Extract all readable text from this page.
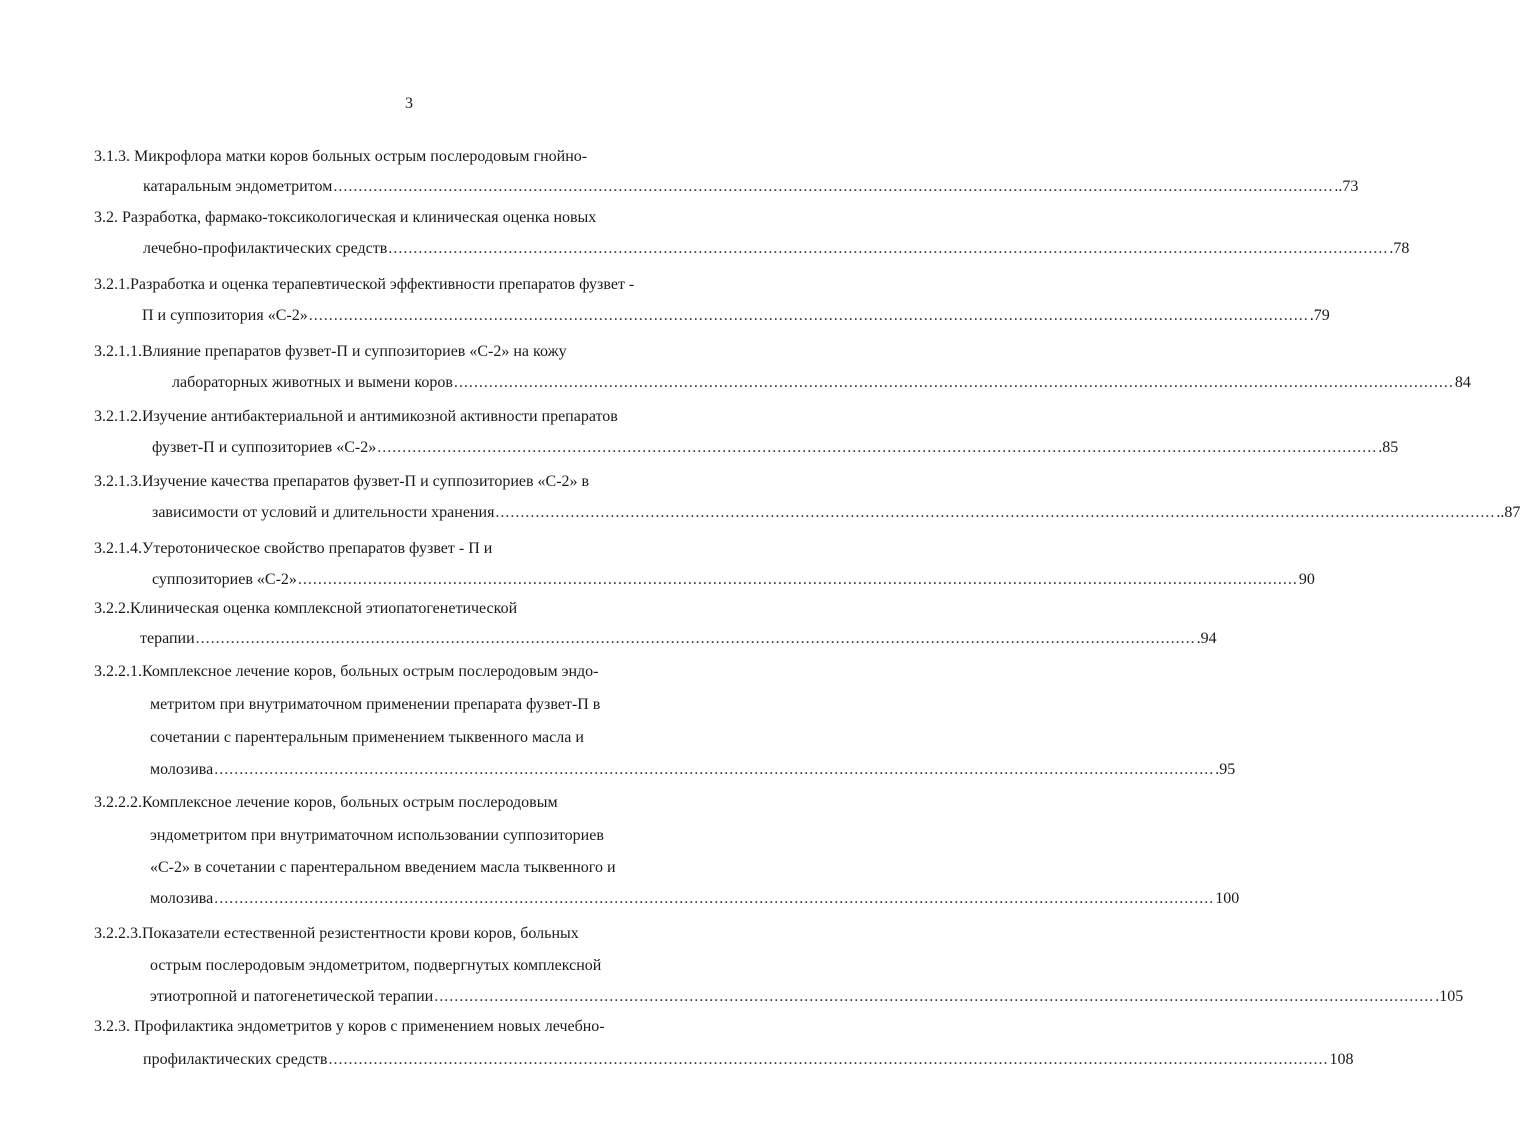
3
3.1.3. Микрофлора матки коров больных острым послеродовым гнойно-
катаральным эндометритом ........................................................................................................................................................................................................ ..73
3.2. Разработка, фармако-токсикологическая и клиническая оценка новых
лечебно-профилактических средств ........................................................................................................................................................................................................ .78
3.2.1.Разработка и оценка терапевтической эффективности препаратов фузвет -
П и суппозитория «С-2» ........................................................................................................................................................................................................ .79
3.2.1.1.Влияние препаратов фузвет-П и суппозиториев «С-2» на кожу
лабораторных животных и вымени коров ........................................................................................................................................................................................................ 84
3.2.1.2.Изучение антибактериальной и антимикозной активности препаратов
фузвет-П и суппозиториев «С-2» ........................................................................................................................................................................................................ .85
3.2.1.3.Изучение качества препаратов фузвет-П и суппозиториев «С-2» в
зависимости от условий и длительности хранения ........................................................................................................................................................................................................ ..87
3.2.1.4.Утеротоническое свойство препаратов фузвет - П и
суппозиториев «С-2» ........................................................................................................................................................................................................ 90
3.2.2.Клиническая оценка комплексной этиопатогенетической
терапии ........................................................................................................................................................................................................ .94
3.2.2.1.Комплексное лечение коров, больных острым послеродовым эндо-
метритом при внутриматочном применении препарата фузвет-П в
сочетании с парентеральным применением тыквенного масла и
молозива ........................................................................................................................................................................................................ .95
3.2.2.2.Комплексное лечение коров, больных острым послеродовым
эндометритом при внутриматочном использовании суппозиториев
«С-2» в сочетании с парентеральном введением масла тыквенного и
молозива ........................................................................................................................................................................................................ 100
3.2.2.3.Показатели естественной резистентности крови коров, больных
острым послеродовым эндометритом, подвергнутых комплексной
этиотропной и патогенетической терапии ........................................................................................................................................................................................................ .105
3.2.3. Профилактика эндометритов у коров с применением новых лечебно-
профилактических средств ........................................................................................................................................................................................................ 108
